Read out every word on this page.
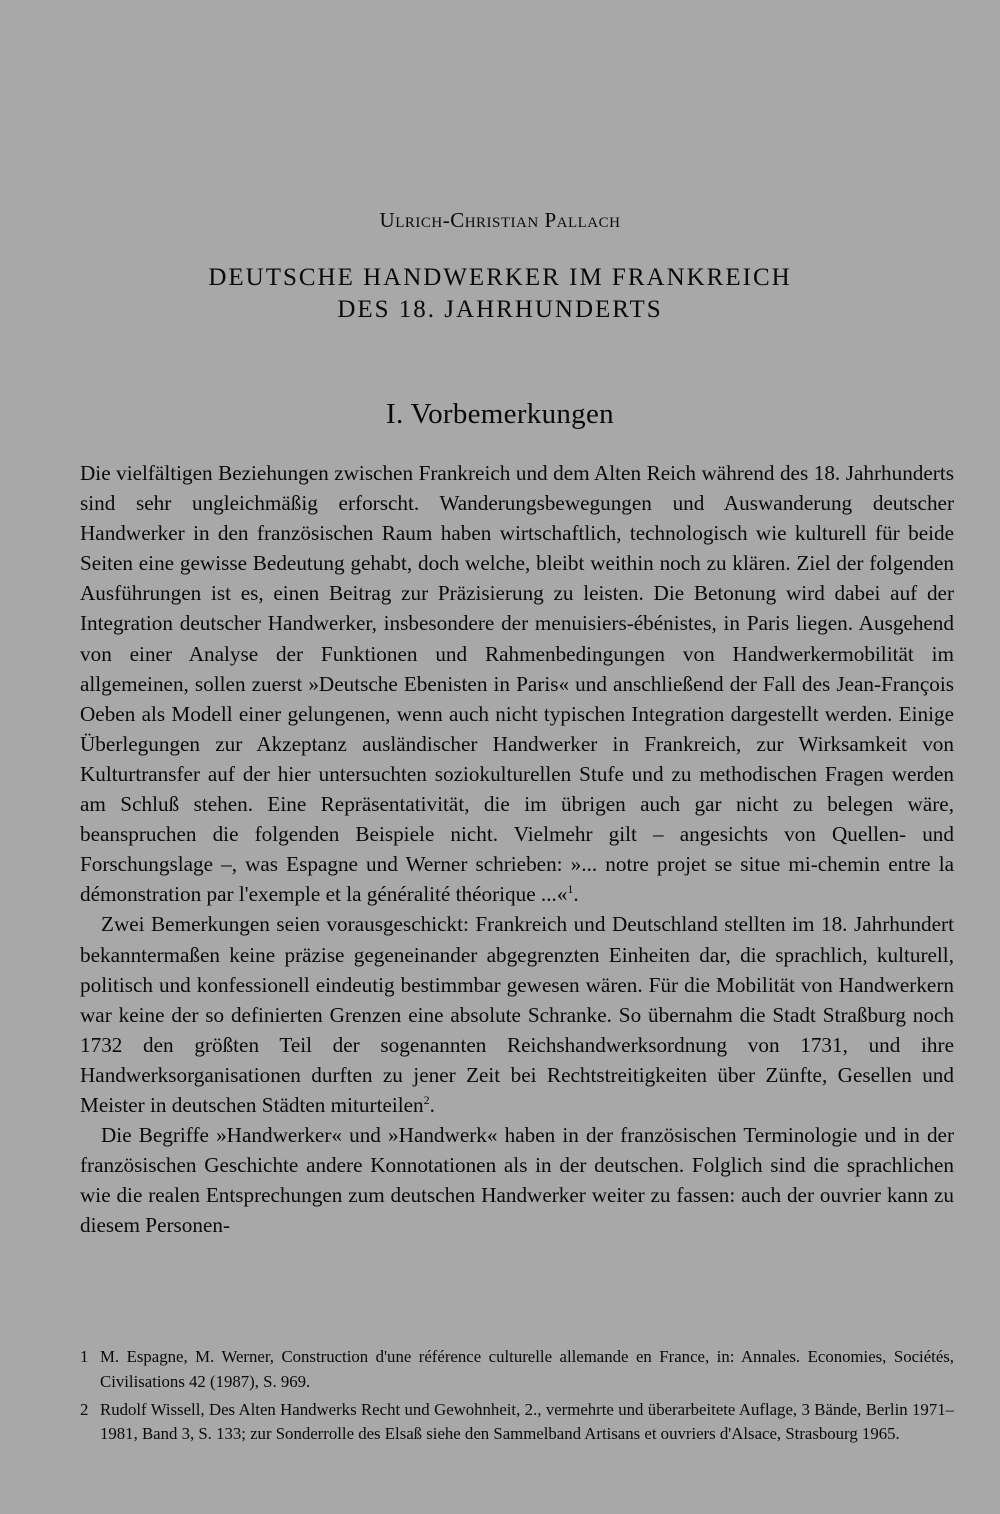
Ulrich-Christian Pallach

DEUTSCHE HANDWERKER IM FRANKREICH
DES 18. JAHRHUNDERTS
I. Vorbemerkungen

Die vielfältigen Beziehungen zwischen Frankreich und dem Alten Reich während des 18. Jahrhunderts sind sehr ungleichmäßig erforscht. Wanderungsbewegungen und Auswanderung deutscher Handwerker in den französischen Raum haben wirtschaftlich, technologisch wie kulturell für beide Seiten eine gewisse Bedeutung gehabt, doch welche, bleibt weithin noch zu klären. Ziel der folgenden Ausführungen ist es, einen Beitrag zur Präzisierung zu leisten. Die Betonung wird dabei auf der Integration deutscher Handwerker, insbesondere der menuisiers-ébénistes, in Paris liegen. Ausgehend von einer Analyse der Funktionen und Rahmenbedingungen von Handwerkermobilität im allgemeinen, sollen zuerst »Deutsche Ebenisten in Paris« und anschließend der Fall des Jean-François Oeben als Modell einer gelungenen, wenn auch nicht typischen Integration dargestellt werden. Einige Überlegungen zur Akzeptanz ausländischer Handwerker in Frankreich, zur Wirksamkeit von Kulturtransfer auf der hier untersuchten soziokulturellen Stufe und zu methodischen Fragen werden am Schluß stehen. Eine Repräsentativität, die im übrigen auch gar nicht zu belegen wäre, beanspruchen die folgenden Beispiele nicht. Vielmehr gilt – angesichts von Quellen- und Forschungslage –, was Espagne und Werner schrieben: »... notre projet se situe mi-chemin entre la démonstration par l'exemple et la généralité théorique ...«$^1$.

Zwei Bemerkungen seien vorausgeschickt: Frankreich und Deutschland stellten im 18. Jahrhundert bekanntermaßen keine präzise gegeneinander abgegrenzten Einheiten dar, die sprachlich, kulturell, politisch und konfessionell eindeutig bestimmbar gewesen wären. Für die Mobilität von Handwerkern war keine der so definierten Grenzen eine absolute Schranke. So übernahm die Stadt Straßburg noch 1732 den größten Teil der sogenannten Reichshandwerksordnung von 1731, und ihre Handwerksorganisationen durften zu jener Zeit bei Rechtstreitigkeiten über Zünfte, Gesellen und Meister in deutschen Städten miturteilen$^2$.

Die Begriffe »Handwerker« und »Handwerk« haben in der französischen Terminologie und in der französischen Geschichte andere Konnotationen als in der deutschen. Folglich sind die sprachlichen wie die realen Entsprechungen zum deutschen Handwerker weiter zu fassen: auch der ouvrier kann zu diesem Personen-

1 M. Espagne, M. Werner, Construction d'une référence culturelle allemande en France, in: Annales. Economies, Sociétés, Civilisations 42 (1987), S. 969.

2 Rudolf Wissell, Des Alten Handwerks Recht und Gewohnheit, 2., vermehrte und überarbeitete Auflage, 3 Bände, Berlin 1971–1981, Band 3, S. 133; zur Sonderrolle des Elsaß siehe den Sammelband Artisans et ouvriers d'Alsace, Strasbourg 1965.
